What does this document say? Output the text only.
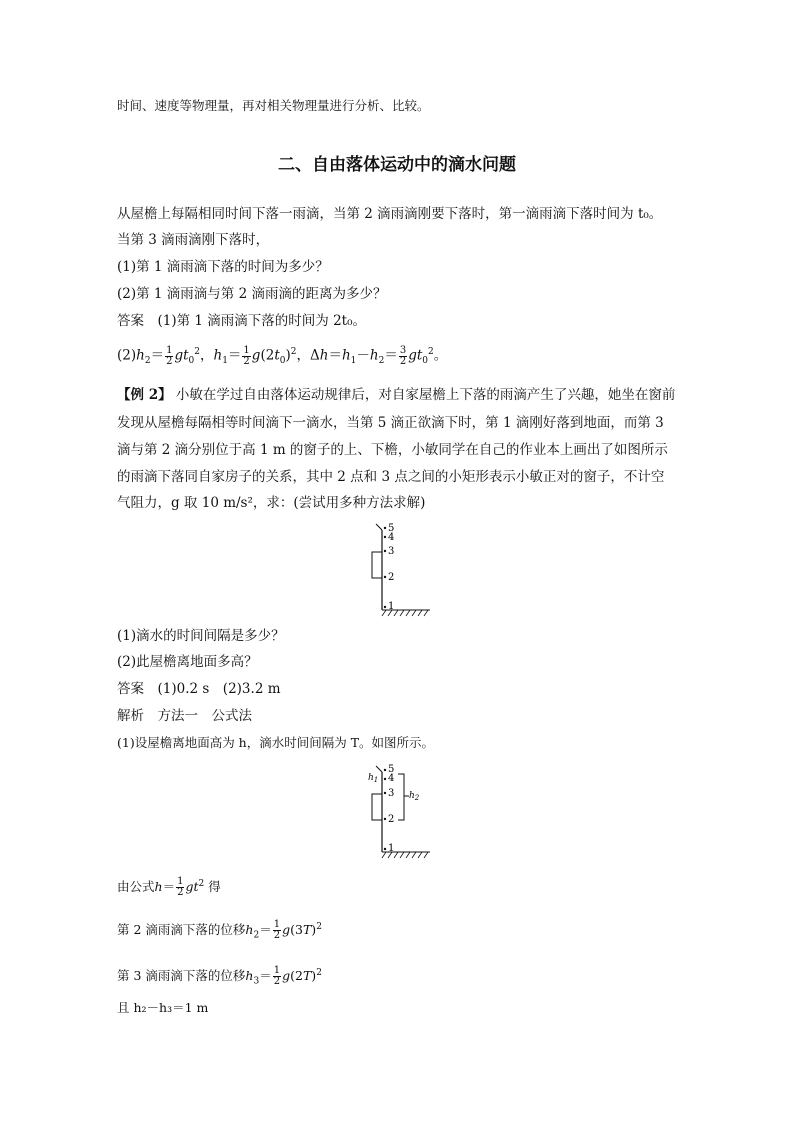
时间、速度等物理量，再对相关物理量进行分析、比较。
二、自由落体运动中的滴水问题
从屋檐上每隔相同时间下落一雨滴，当第 2 滴雨滴刚要下落时，第一滴雨滴下落时间为 t₀。
当第 3 滴雨滴刚下落时，
(1)第 1 滴雨滴下落的时间为多少？
(2)第 1 滴雨滴与第 2 滴雨滴的距离为多少？
答案　(1)第 1 滴雨滴下落的时间为 2t₀。
$(2)h_2= \frac{1}{2} gt_0^2$，$h_1= \frac{1}{2} g(2t_0)^2$，$\Delta h=h_1-h_2= \frac{3}{2} gt_0^2$。
【例 2】 小敏在学过自由落体运动规律后，对自家屋檐上下落的雨滴产生了兴趣，她坐在窗前
发现从屋檐每隔相等时间滴下一滴水，当第 5 滴正欲滴下时，第 1 滴刚好落到地面，而第 3
滴与第 2 滴分别位于高 1 m 的窗子的上、下檐，小敏同学在自己的作业本上画出了如图所示
的雨滴下落同自家房子的关系，其中 2 点和 3 点之间的小矩形表示小敏正对的窗子，不计空
气阻力，g 取 10 m/s²，求：(尝试用多种方法求解)
5
4
3
2
1
(1)滴水的时间间隔是多少？
(2)此屋檐离地面多高？
答案　(1)0.2 s　(2)3.2 m
解析　方法一　公式法
(1)设屋檐离地面高为 h，滴水时间间隔为 T。如图所示。
$h_1$
$h_2$
5
4
3
2
1
由公式$h= \frac{1}{2} gt^2$ 得
第 2 滴雨滴下落的位移$h_2= \frac{1}{2} g(3T)^2$
第 3 滴雨滴下落的位移$h_3= \frac{1}{2} g(2T)^2$
且 h₂－h₃＝1 m
